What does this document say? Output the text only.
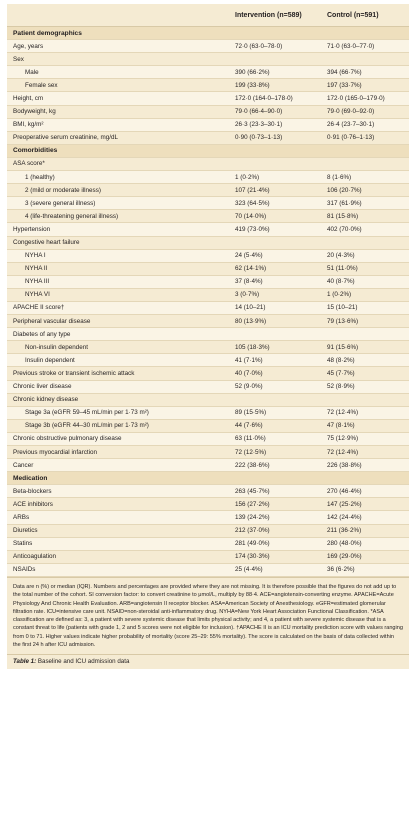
Intervention (n=589)	Control (n=591)
Patient demographics
Age, years	72·0 (63·0–78·0)	71·0 (63·0–77·0)
Sex
Male	390 (66·2%)	394 (66·7%)
Female sex	199 (33·8%)	197 (33·7%)
Height, cm	172·0 (164·0–178·0)	172·0 (165·0–179·0)
Bodyweight, kg	79·0 (66·4–90·0)	79·0 (69·0–92·0)
BMI, kg/m²	26·3 (23·3–30·1)	26·4 (23·7–30·1)
Preoperative serum creatinine, mg/dL	0·90 (0·73–1·13)	0·91 (0·76–1·13)
Comorbidities
ASA score*
1 (healthy)	1 (0·2%)	8 (1·6%)
2 (mild or moderate illness)	107 (21·4%)	106 (20·7%)
3 (severe general illness)	323 (64·5%)	317 (61·9%)
4 (life-threatening general illness)	70 (14·0%)	81 (15·8%)
Hypertension	419 (73·0%)	402 (70·0%)
Congestive heart failure
NYHA I	24 (5·4%)	20 (4·3%)
NYHA II	62 (14·1%)	51 (11·0%)
NYHA III	37 (8·4%)	40 (8·7%)
NYHA VI	3 (0·7%)	1 (0·2%)
APACHE II score†	14 (10–21)	15 (10–21)
Peripheral vascular disease	80 (13·9%)	79 (13·6%)
Diabetes of any type
Non-insulin dependent	105 (18·3%)	91 (15·6%)
Insulin dependent	41 (7·1%)	48 (8·2%)
Previous stroke or transient ischemic attack	40 (7·0%)	45 (7·7%)
Chronic liver disease	52 (9·0%)	52 (8·9%)
Chronic kidney disease
Stage 3a (eGFR 59–45 mL/min per 1·73 m²)	89 (15·5%)	72 (12·4%)
Stage 3b (eGFR 44–30 mL/min per 1·73 m²)	44 (7·6%)	47 (8·1%)
Chronic obstructive pulmonary disease	63 (11·0%)	75 (12·9%)
Previous myocardial infarction	72 (12·5%)	72 (12·4%)
Cancer	222 (38·6%)	226 (38·8%)
Medication
Beta-blockers	263 (45·7%)	270 (46·4%)
ACE inhibitors	156 (27·2%)	147 (25·2%)
ARBs	139 (24·2%)	142 (24·4%)
Diuretics	212 (37·0%)	211 (36·2%)
Statins	281 (49·0%)	280 (48·0%)
Anticoagulation	174 (30·3%)	169 (29·0%)
NSAIDs	25 (4·4%)	36 (6·2%)
Data are n (%) or median (IQR). Numbers and percentages are provided where they are not missing. It is therefore possible that the figures do not add up to the total number of the cohort. SI conversion factor: to convert creatinine to μmol/L, multiply by 88·4. ACE=angiotensin-converting enzyme. APACHE=Acute Physiology And Chronic Health Evaluation. ARB=angiotensin II receptor blocker. ASA=American Society of Anesthesiology. eGFR=estimated glomerular filtration rate. ICU=intensive care unit. NSAID=non-steroidal anti-inflammatory drug. NYHA=New York Heart Association Functional Classification. *ASA classification are defined as: 3, a patient with severe systemic disease that limits physical activity; and 4, a patient with severe systemic disease that is a constant threat to life (patients with grade 1, 2 and 5 scores were not eligible for inclusion). †APACHE II is an ICU mortality prediction score with values ranging from 0 to 71. Higher values indicate higher probability of mortality (score 25–29: 55% mortality). The score is calculated on the basis of data collected within the first 24 h after ICU admission.
Table 1: Baseline and ICU admission data
